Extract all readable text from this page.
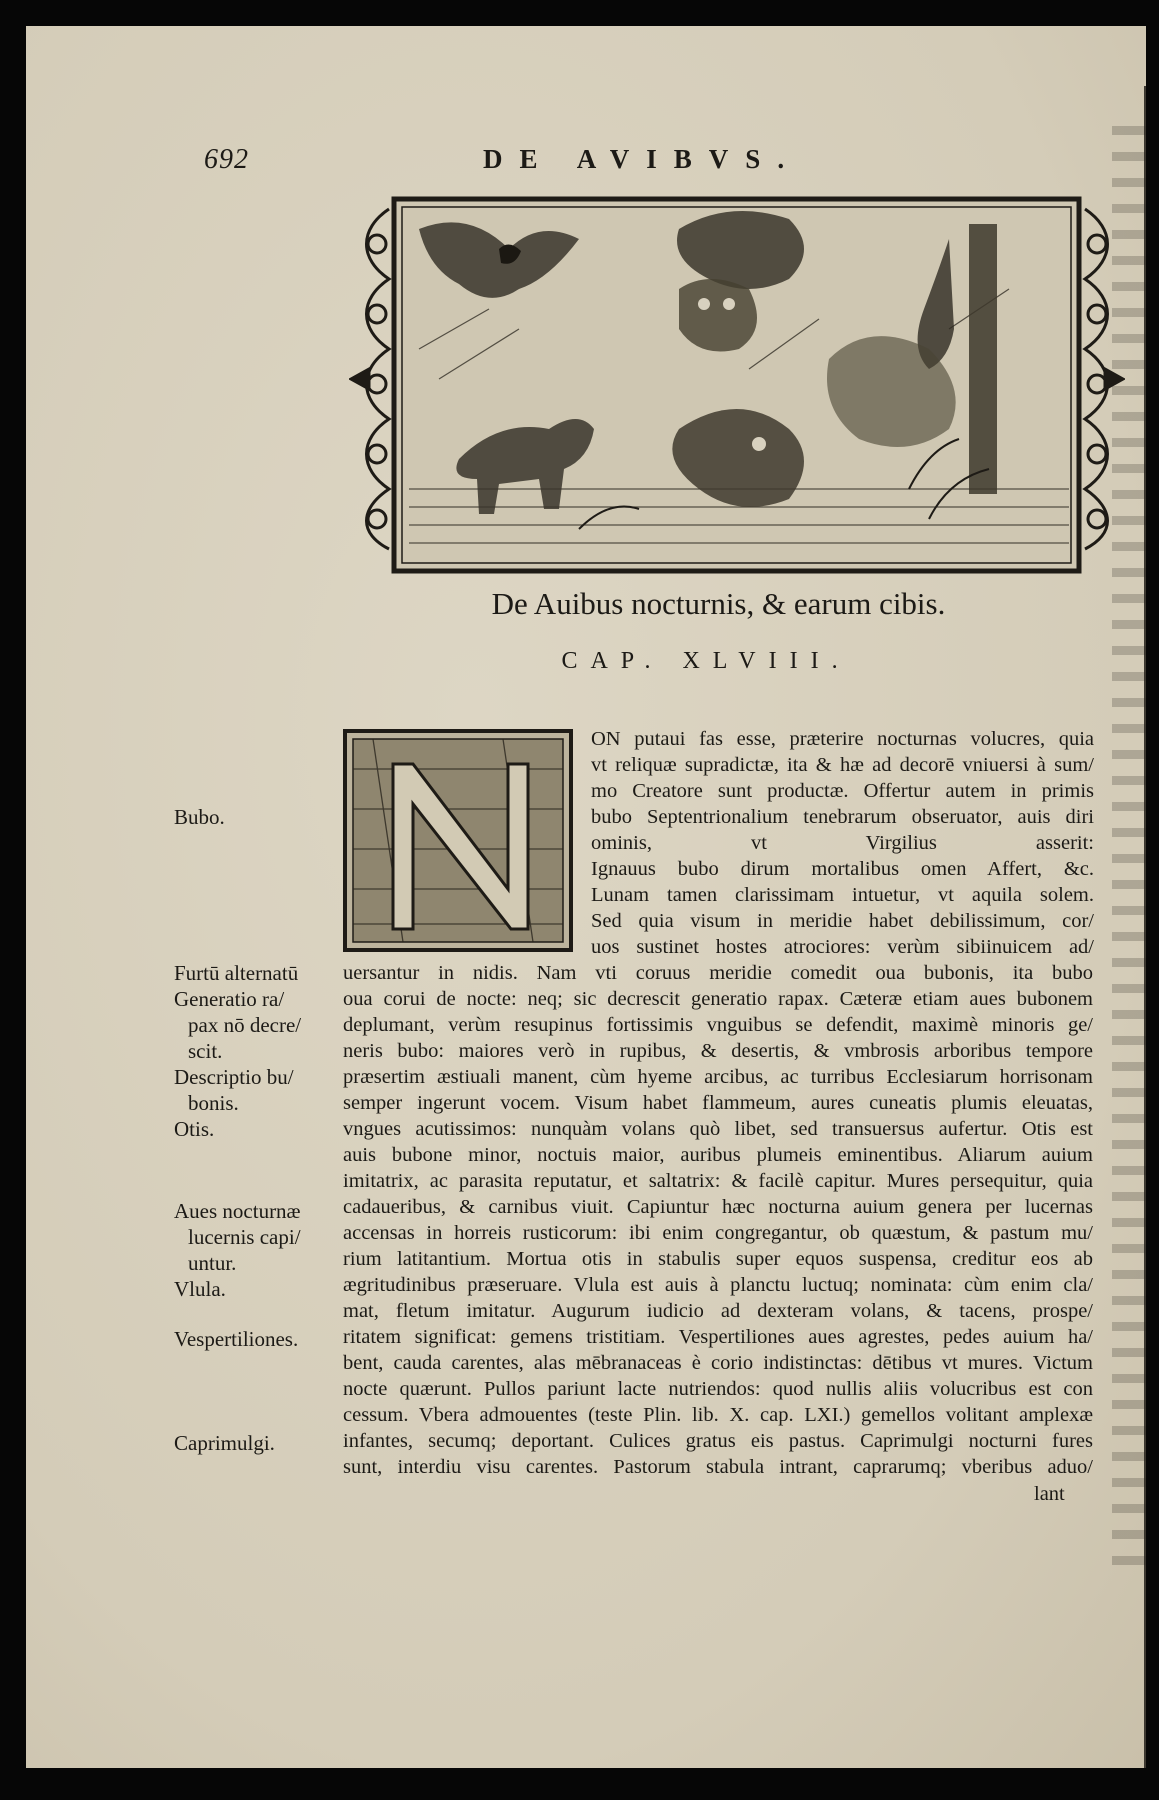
692	DE AVIBVS.
De Auibus nocturnis, & earum cibis.
CAP. XLVIII.
ON putaui fas esse, præterire nocturnas volucres, quia
vt reliquæ supradictæ, ita & hæ ad decorē vniuersi à sum/
mo Creatore sunt productæ. Offertur autem in primis
bubo Septentrionalium tenebrarum obseruator, auis diri
ominis, vt Virgilius asserit:
Ignauus bubo dirum mortalibus omen Affert, &c.
Lunam tamen clarissimam intuetur, vt aquila solem.
Sed quia visum in meridie habet debilissimum, cor/
uos sustinet hostes atrociores: verùm sibiinuicem ad/
uersantur in nidis. Nam vti coruus meridie comedit oua bubonis, ita bubo
oua corui de nocte: neq; sic decrescit generatio rapax. Cæteræ etiam aues bubonem
deplumant, verùm resupinus fortissimis vnguibus se defendit, maximè minoris ge/
neris bubo: maiores verò in rupibus, & desertis, & vmbrosis arboribus tempore
præsertim æstiuali manent, cùm hyeme arcibus, ac turribus Ecclesiarum horrisonam
semper ingerunt vocem. Visum habet flammeum, aures cuneatis plumis eleuatas,
vngues acutissimos: nunquàm volans quò libet, sed transuersus aufertur. Otis est
auis bubone minor, noctuis maior, auribus plumeis eminentibus. Aliarum auium
imitatrix, ac parasita reputatur, et saltatrix: & facilè capitur. Mures persequitur, quia
cadaueribus, & carnibus viuit. Capiuntur hæc nocturna auium genera per lucernas
accensas in horreis rusticorum: ibi enim congregantur, ob quæstum, & pastum mu/
rium latitantium. Mortua otis in stabulis super equos suspensa, creditur eos ab
ægritudinibus præseruare. Vlula est auis à planctu luctuq; nominata: cùm enim cla/
mat, fletum imitatur. Augurum iudicio ad dexteram volans, & tacens, prospe/
ritatem significat: gemens tristitiam. Vespertiliones aues agrestes, pedes auium ha/
bent, cauda carentes, alas mēbranaceas è corio indistinctas: dētibus vt mures. Victum
nocte quærunt. Pullos pariunt lacte nutriendos: quod nullis aliis volucribus est con
cessum. Vbera admouentes (teste Plin. lib. X. cap. LXI.) gemellos volitant amplexæ
infantes, secumq; deportant. Culices gratus eis pastus. Caprimulgi nocturni fures
sunt, interdiu visu carentes. Pastorum stabula intrant, caprarumq; vberibus aduo/
lant
Bubo.
Furtū alternatū
Generatio ra/
pax nō decre/
scit.
Descriptio bu/
bonis.
Otis.
Aues nocturnæ
lucernis capi/
untur.
Vlula.
Vespertiliones.
Caprimulgi.
